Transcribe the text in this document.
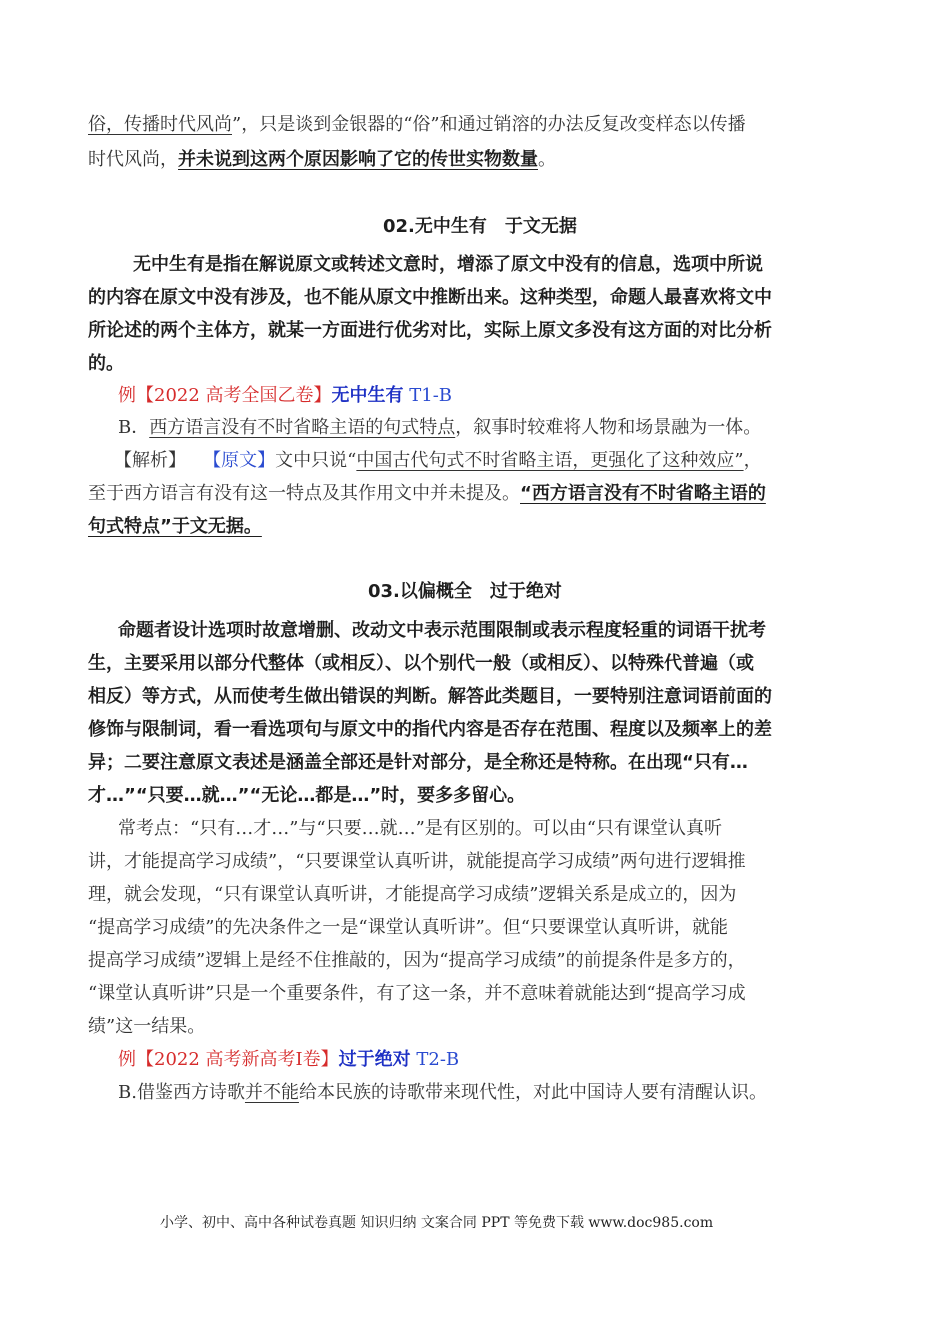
俗，传播时代风尚”，只是谈到金银器的“俗”和通过销溶的办法反复改变样态以传播
时代风尚，并未说到这两个原因影响了它的传世实物数量。
02.无中生有　于文无据
无中生有是指在解说原文或转述文意时，增添了原文中没有的信息，选项中所说
的内容在原文中没有涉及，也不能从原文中推断出来。这种类型，命题人最喜欢将文中
所论述的两个主体方，就某一方面进行优劣对比，实际上原文多没有这方面的对比分析
的。
例【2022 高考全国乙卷】无中生有 T1-B
B．西方语言没有不时省略主语的句式特点，叙事时较难将人物和场景融为一体。
【解析】 【原文】文中只说“中国古代句式不时省略主语，更强化了这种效应”，
至于西方语言有没有这一特点及其作用文中并未提及。“西方语言没有不时省略主语的
句式特点”于文无据。
03.以偏概全　过于绝对
命题者设计选项时故意增删、改动文中表示范围限制或表示程度轻重的词语干扰考
生，主要采用以部分代整体（或相反）、以个别代一般（或相反）、以特殊代普遍（或
相反）等方式，从而使考生做出错误的判断。解答此类题目，一要特别注意词语前面的
修饰与限制词，看一看选项句与原文中的指代内容是否存在范围、程度以及频率上的差
异；二要注意原文表述是涵盖全部还是针对部分，是全称还是特称。在出现“只有…
才…”“只要…就…”“无论…都是…”时，要多多留心。
常考点：“只有…才…”与“只要…就…”是有区别的。可以由“只有课堂认真听
讲，才能提高学习成绩”，“只要课堂认真听讲，就能提高学习成绩”两句进行逻辑推
理，就会发现，“只有课堂认真听讲，才能提高学习成绩”逻辑关系是成立的，因为
“提高学习成绩”的先决条件之一是“课堂认真听讲”。但“只要课堂认真听讲，就能
提高学习成绩”逻辑上是经不住推敲的，因为“提高学习成绩”的前提条件是多方的，
“课堂认真听讲”只是一个重要条件，有了这一条，并不意味着就能达到“提高学习成
绩”这一结果。
例【2022 高考新高考Ⅰ卷】过于绝对 T2-B
B.借鉴西方诗歌并不能给本民族的诗歌带来现代性，对此中国诗人要有清醒认识。
小学、初中、高中各种试卷真题 知识归纳 文案合同 PPT 等免费下载 www.doc985.com
